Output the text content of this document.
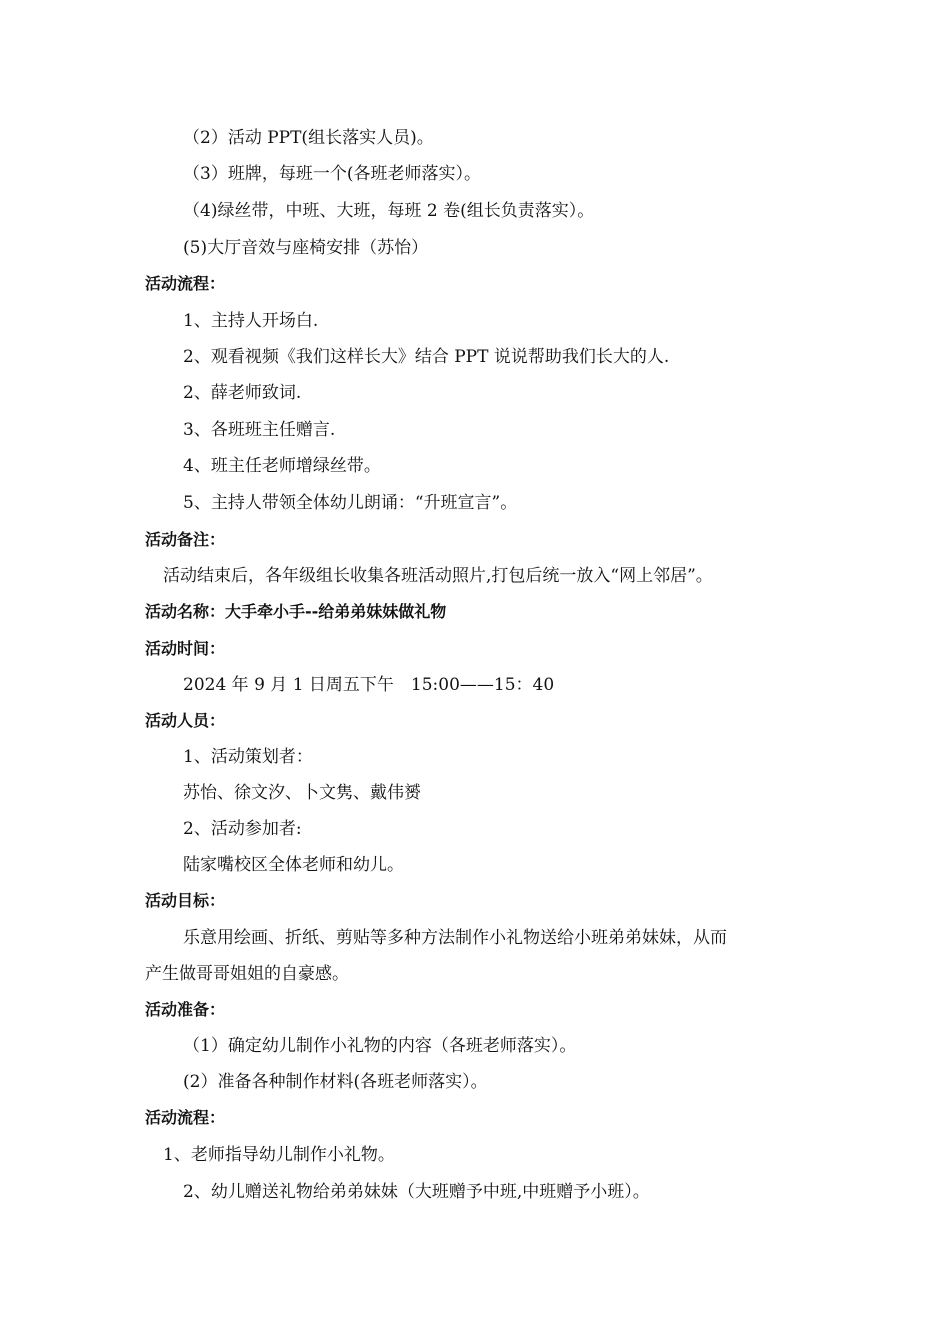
（2）活动 PPT(组长落实人员)。
（3）班牌，每班一个(各班老师落实）。
（4)绿丝带，中班、大班，每班 2 卷(组长负责落实）。
(5)大厅音效与座椅安排（苏怡）
活动流程：
1、主持人开场白.
2、观看视频《我们这样长大》结合 PPT 说说帮助我们长大的人.
2、薛老师致词.
3、各班班主任赠言.
4、班主任老师增绿丝带。
5、主持人带领全体幼儿朗诵：“升班宣言”。
活动备注：
活动结束后，各年级组长收集各班活动照片,打包后统一放入“网上邻居”。
活动名称：大手牵小手--给弟弟妹妹做礼物
活动时间：
2024 年 9 月 1 日周五下午　15:00——15：40
活动人员：
1、活动策划者：
苏怡、徐文汐、卜文隽、戴伟赟
2、活动参加者:
陆家嘴校区全体老师和幼儿。
活动目标：
乐意用绘画、折纸、剪贴等多种方法制作小礼物送给小班弟弟妹妹，从而
产生做哥哥姐姐的自豪感。
活动准备：
（1）确定幼儿制作小礼物的内容（各班老师落实）。
(2）准备各种制作材料(各班老师落实）。
活动流程：
1、老师指导幼儿制作小礼物。
2、幼儿赠送礼物给弟弟妹妹（大班赠予中班,中班赠予小班）。
